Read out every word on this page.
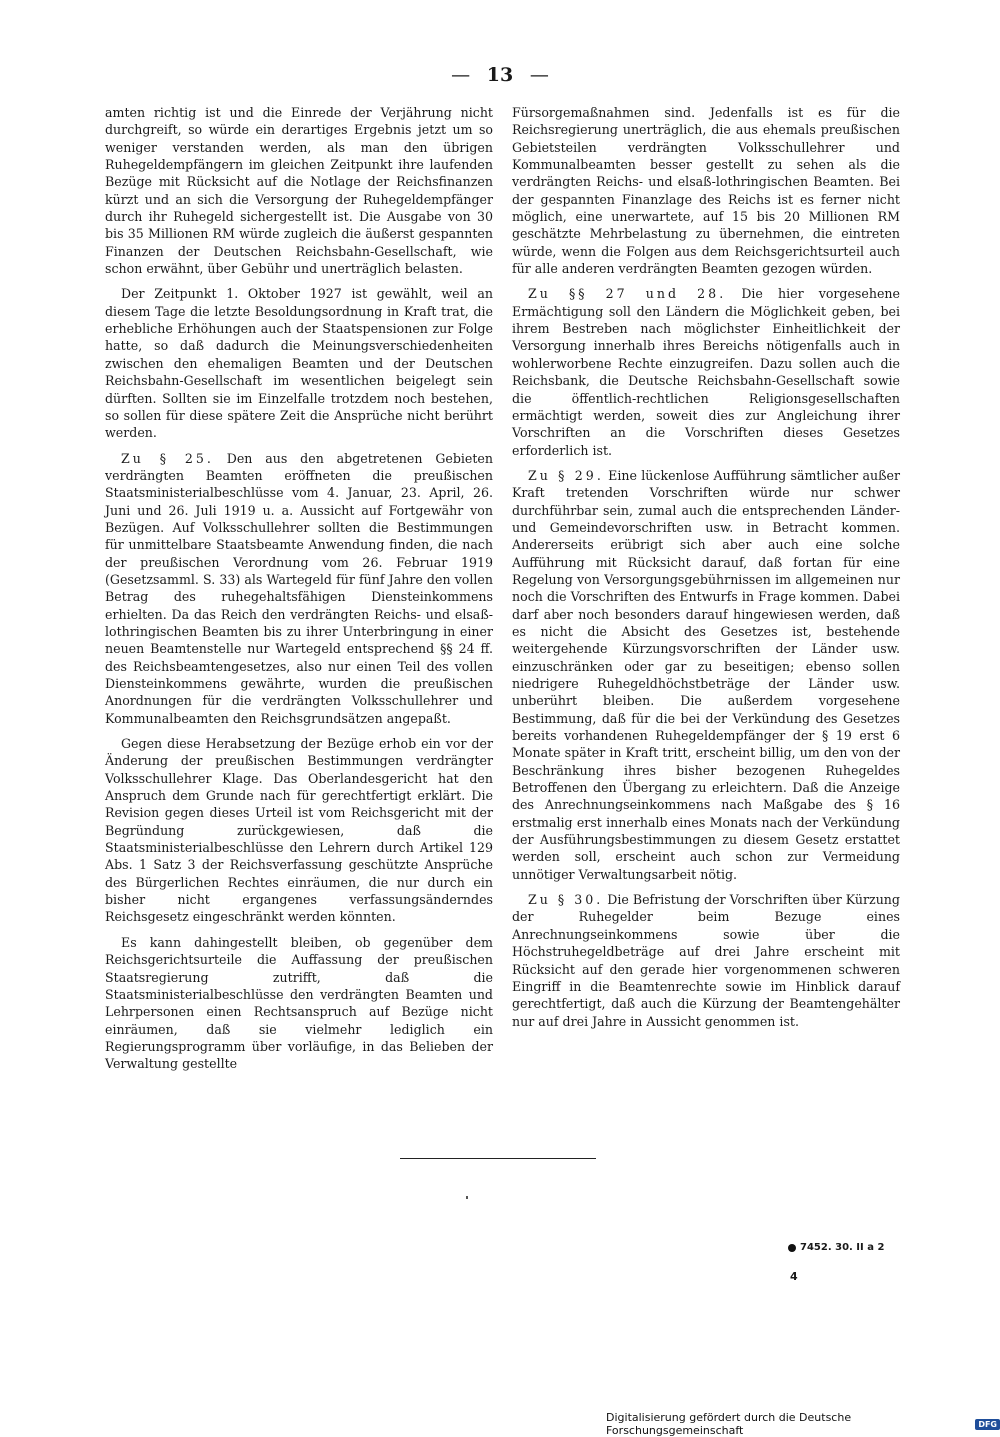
— 13 —

amten richtig ist und die Einrede der Verjährung nicht durchgreift, so würde ein derartiges Ergebnis jetzt um so weniger verstanden werden, als man den übrigen Ruhegeldempfängern im gleichen Zeitpunkt ihre laufenden Bezüge mit Rücksicht auf die Notlage der Reichsfinanzen kürzt und an sich die Versorgung der Ruhegeldempfänger durch ihr Ruhegeld sichergestellt ist. Die Ausgabe von 30 bis 35 Millionen RM würde zugleich die äußerst gespannten Finanzen der Deutschen Reichsbahn-Gesellschaft, wie schon erwähnt, über Gebühr und unerträglich belasten.

Der Zeitpunkt 1. Oktober 1927 ist gewählt, weil an diesem Tage die letzte Besoldungsordnung in Kraft trat, die erhebliche Erhöhungen auch der Staatspensionen zur Folge hatte, so daß dadurch die Meinungsverschiedenheiten zwischen den ehemaligen Beamten und der Deutschen Reichsbahn-Gesellschaft im wesentlichen beigelegt sein dürften. Sollten sie im Einzelfalle trotzdem noch bestehen, so sollen für diese spätere Zeit die Ansprüche nicht berührt werden.

Zu § 25. Den aus den abgetretenen Gebieten verdrängten Beamten eröffneten die preußischen Staatsministerialbeschlüsse vom 4. Januar, 23. April, 26. Juni und 26. Juli 1919 u. a. Aussicht auf Fortgewähr von Bezügen. Auf Volksschullehrer sollten die Bestimmungen für unmittelbare Staatsbeamte Anwendung finden, die nach der preußischen Verordnung vom 26. Februar 1919 (Gesetzsamml. S. 33) als Wartegeld für fünf Jahre den vollen Betrag des ruhegehaltsfähigen Diensteinkommens erhielten. Da das Reich den verdrängten Reichs- und elsaß-lothringischen Beamten bis zu ihrer Unterbringung in einer neuen Beamtenstelle nur Wartegeld entsprechend §§ 24 ff. des Reichsbeamtengesetzes, also nur einen Teil des vollen Diensteinkommens gewährte, wurden die preußischen Anordnungen für die verdrängten Volksschullehrer und Kommunalbeamten den Reichsgrundsätzen angepaßt.

Gegen diese Herabsetzung der Bezüge erhob ein vor der Änderung der preußischen Bestimmungen verdrängter Volksschullehrer Klage. Das Oberlandesgericht hat den Anspruch dem Grunde nach für gerechtfertigt erklärt. Die Revision gegen dieses Urteil ist vom Reichsgericht mit der Begründung zurückgewiesen, daß die Staatsministerialbeschlüsse den Lehrern durch Artikel 129 Abs. 1 Satz 3 der Reichsverfassung geschützte Ansprüche des Bürgerlichen Rechtes einräumen, die nur durch ein bisher nicht ergangenes verfassungsänderndes Reichsgesetz eingeschränkt werden könnten.

Es kann dahingestellt bleiben, ob gegenüber dem Reichsgerichtsurteile die Auffassung der preußischen Staatsregierung zutrifft, daß die Staatsministerialbeschlüsse den verdrängten Beamten und Lehrpersonen einen Rechtsanspruch auf Bezüge nicht einräumen, daß sie vielmehr lediglich ein Regierungsprogramm über vorläufige, in das Belieben der Verwaltung gestellte

Fürsorgemaßnahmen sind. Jedenfalls ist es für die Reichsregierung unerträglich, die aus ehemals preußischen Gebietsteilen verdrängten Volksschullehrer und Kommunalbeamten besser gestellt zu sehen als die verdrängten Reichs- und elsaß-lothringischen Beamten. Bei der gespannten Finanzlage des Reichs ist es ferner nicht möglich, eine unerwartete, auf 15 bis 20 Millionen RM geschätzte Mehrbelastung zu übernehmen, die eintreten würde, wenn die Folgen aus dem Reichsgerichtsurteil auch für alle anderen verdrängten Beamten gezogen würden.

Zu §§ 27 und 28. Die hier vorgesehene Ermächtigung soll den Ländern die Möglichkeit geben, bei ihrem Bestreben nach möglichster Einheitlichkeit der Versorgung innerhalb ihres Bereichs nötigenfalls auch in wohlerworbene Rechte einzugreifen. Dazu sollen auch die Reichsbank, die Deutsche Reichsbahn-Gesellschaft sowie die öffentlich-rechtlichen Religionsgesellschaften ermächtigt werden, soweit dies zur Angleichung ihrer Vorschriften an die Vorschriften dieses Gesetzes erforderlich ist.

Zu § 29. Eine lückenlose Aufführung sämtlicher außer Kraft tretenden Vorschriften würde nur schwer durchführbar sein, zumal auch die entsprechenden Länder- und Gemeindevorschriften usw. in Betracht kommen. Andererseits erübrigt sich aber auch eine solche Aufführung mit Rücksicht darauf, daß fortan für eine Regelung von Versorgungsgebührnissen im allgemeinen nur noch die Vorschriften des Entwurfs in Frage kommen. Dabei darf aber noch besonders darauf hingewiesen werden, daß es nicht die Absicht des Gesetzes ist, bestehende weitergehende Kürzungsvorschriften der Länder usw. einzuschränken oder gar zu beseitigen; ebenso sollen niedrigere Ruhegeldhöchstbeträge der Länder usw. unberührt bleiben. Die außerdem vorgesehene Bestimmung, daß für die bei der Verkündung des Gesetzes bereits vorhandenen Ruhegeldempfänger der § 19 erst 6 Monate später in Kraft tritt, erscheint billig, um den von der Beschränkung ihres bisher bezogenen Ruhegeldes Betroffenen den Übergang zu erleichtern. Daß die Anzeige des Anrechnungseinkommens nach Maßgabe des § 16 erstmalig erst innerhalb eines Monats nach der Verkündung der Ausführungsbestimmungen zu diesem Gesetz erstattet werden soll, erscheint auch schon zur Vermeidung unnötiger Verwaltungsarbeit nötig.

Zu § 30. Die Befristung der Vorschriften über Kürzung der Ruhegelder beim Bezuge eines Anrechnungseinkommens sowie über die Höchstruhegeldbeträge auf drei Jahre erscheint mit Rücksicht auf den gerade hier vorgenommenen schweren Eingriff in die Beamtenrechte sowie im Hinblick darauf gerechtfertigt, daß auch die Kürzung der Beamtengehälter nur auf drei Jahre in Aussicht genommen ist.

7452. 30. II a 2
4
Digitalisierung gefördert durch die Deutsche Forschungsgemeinschaft	DFG
